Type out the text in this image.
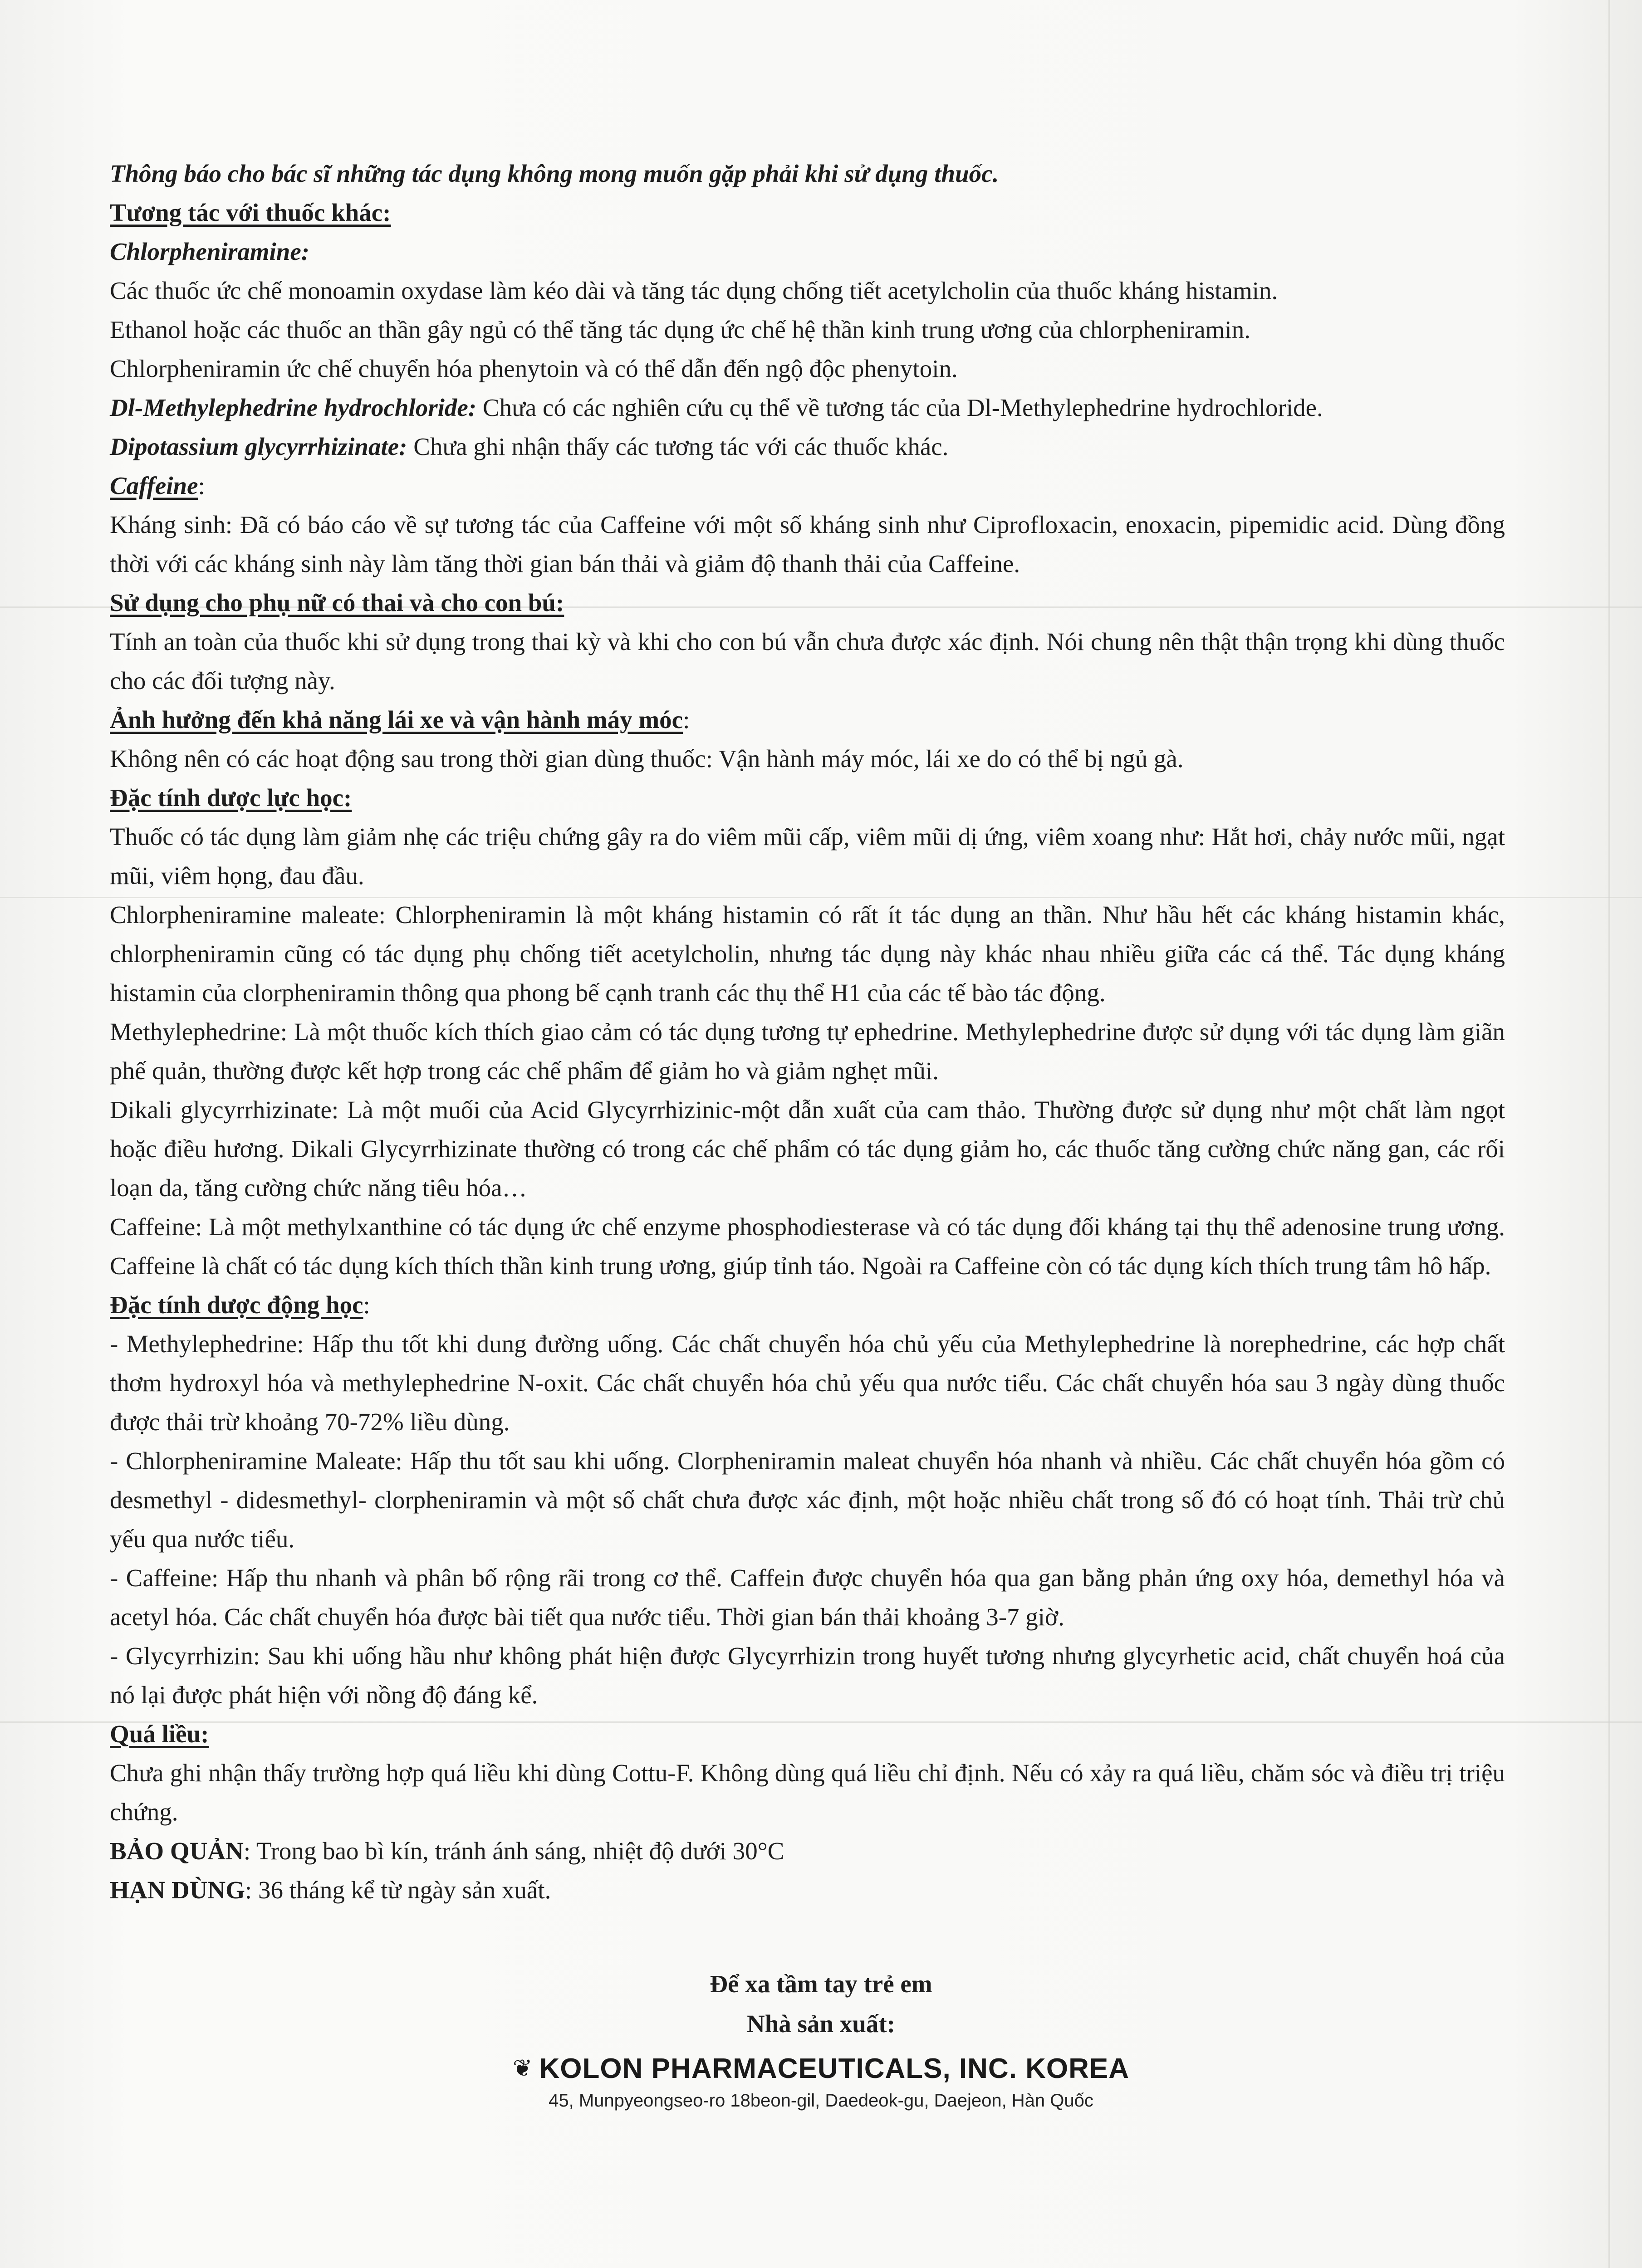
Thông báo cho bác sĩ những tác dụng không mong muốn gặp phải khi sử dụng thuốc.

Tương tác với thuốc khác:

Chlorpheniramine:

Các thuốc ức chế monoamin oxydase làm kéo dài và tăng tác dụng chống tiết acetylcholin của thuốc kháng histamin.

Ethanol hoặc các thuốc an thần gây ngủ có thể tăng tác dụng ức chế hệ thần kinh trung ương của chlorpheniramin.

Chlorpheniramin ức chế chuyển hóa phenytoin và có thể dẫn đến ngộ độc phenytoin.

Dl-Methylephedrine hydrochloride: Chưa có các nghiên cứu cụ thể về tương tác của Dl-Methylephedrine hydrochloride.

Dipotassium glycyrrhizinate: Chưa ghi nhận thấy các tương tác với các thuốc khác.

Caffeine:

Kháng sinh: Đã có báo cáo về sự tương tác của Caffeine với một số kháng sinh như Ciprofloxacin, enoxacin, pipemidic acid. Dùng đồng thời với các kháng sinh này làm tăng thời gian bán thải và giảm độ thanh thải của Caffeine.

Sử dụng cho phụ nữ có thai và cho con bú:

Tính an toàn của thuốc khi sử dụng trong thai kỳ và khi cho con bú vẫn chưa được xác định. Nói chung nên thật thận trọng khi dùng thuốc cho các đối tượng này.

Ảnh hưởng đến khả năng lái xe và vận hành máy móc:

Không nên có các hoạt động sau trong thời gian dùng thuốc: Vận hành máy móc, lái xe do có thể bị ngủ gà.

Đặc tính dược lực học:

Thuốc có tác dụng làm giảm nhẹ các triệu chứng gây ra do viêm mũi cấp, viêm mũi dị ứng, viêm xoang như: Hắt hơi, chảy nước mũi, ngạt mũi, viêm họng, đau đầu.

Chlorpheniramine maleate: Chlorpheniramin là một kháng histamin có rất ít tác dụng an thần. Như hầu hết các kháng histamin khác, chlorpheniramin cũng có tác dụng phụ chống tiết acetylcholin, nhưng tác dụng này khác nhau nhiều giữa các cá thể. Tác dụng kháng histamin của clorpheniramin thông qua phong bế cạnh tranh các thụ thể H1 của các tế bào tác động.

Methylephedrine: Là một thuốc kích thích giao cảm có tác dụng tương tự ephedrine. Methylephedrine được sử dụng với tác dụng làm giãn phế quản, thường được kết hợp trong các chế phẩm để giảm ho và giảm nghẹt mũi.

Dikali glycyrrhizinate: Là một muối của Acid Glycyrrhizinic-một dẫn xuất của cam thảo. Thường được sử dụng như một chất làm ngọt hoặc điều hương. Dikali Glycyrrhizinate thường có trong các chế phẩm có tác dụng giảm ho, các thuốc tăng cường chức năng gan, các rối loạn da, tăng cường chức năng tiêu hóa…

Caffeine: Là một methylxanthine có tác dụng ức chế enzyme phosphodiesterase và có tác dụng đối kháng tại thụ thể adenosine trung ương. Caffeine là chất có tác dụng kích thích thần kinh trung ương, giúp tỉnh táo. Ngoài ra Caffeine còn có tác dụng kích thích trung tâm hô hấp.

Đặc tính dược động học:

- Methylephedrine: Hấp thu tốt khi dung đường uống. Các chất chuyển hóa chủ yếu của Methylephedrine là norephedrine, các hợp chất thơm hydroxyl hóa và methylephedrine N-oxit. Các chất chuyển hóa chủ yếu qua nước tiểu. Các chất chuyển hóa sau 3 ngày dùng thuốc được thải trừ khoảng 70-72% liều dùng.

- Chlorpheniramine Maleate: Hấp thu tốt sau khi uống. Clorpheniramin maleat chuyển hóa nhanh và nhiều. Các chất chuyển hóa gồm có desmethyl - didesmethyl- clorpheniramin và một số chất chưa được xác định, một hoặc nhiều chất trong số đó có hoạt tính. Thải trừ chủ yếu qua nước tiểu.

- Caffeine: Hấp thu nhanh và phân bố rộng rãi trong cơ thể. Caffein được chuyển hóa qua gan bằng phản ứng oxy hóa, demethyl hóa và acetyl hóa. Các chất chuyển hóa được bài tiết qua nước tiểu. Thời gian bán thải khoảng 3-7 giờ.

- Glycyrrhizin: Sau khi uống hầu như không phát hiện được Glycyrrhizin trong huyết tương nhưng glycyrhetic acid, chất chuyển hoá của nó lại được phát hiện với nồng độ đáng kể.

Quá liều:

Chưa ghi nhận thấy trường hợp quá liều khi dùng Cottu-F. Không dùng quá liều chỉ định. Nếu có xảy ra quá liều, chăm sóc và điều trị triệu chứng.

BẢO QUẢN: Trong bao bì kín, tránh ánh sáng, nhiệt độ dưới 30°C

HẠN DÙNG: 36 tháng kể từ ngày sản xuất.

Để xa tầm tay trẻ em
Nhà sản xuất:
❦ KOLON PHARMACEUTICALS, INC. KOREA
45, Munpyeongseo-ro 18beon-gil, Daedeok-gu, Daejeon, Hàn Quốc
